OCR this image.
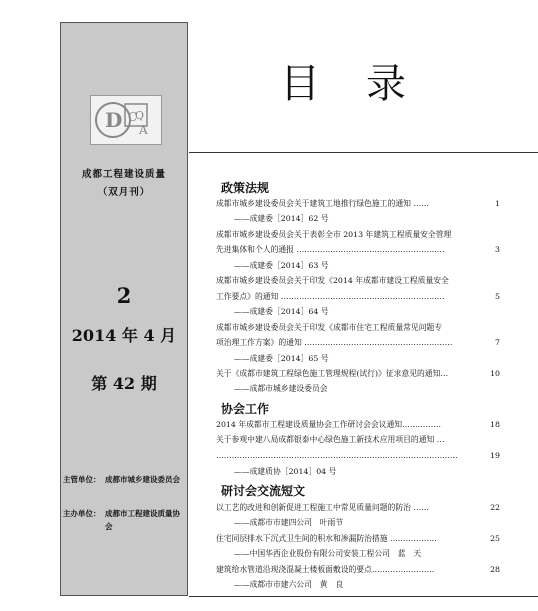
D C
Q
A
成都工程建设质量
（双月刊）
2
2014 年 4 月
第 42 期
主管单位： 成都市城乡建设委员会
主办单位： 成都市工程建设质量协会
目录
政策法规
成都市城乡建设委员会关于建筑工地推行绿色施工的通知 ……	1
——成建委［2014］62 号
成都市城乡建设委员会关于表彰全市 2013 年建筑工程质量安全管理
先进集体和个人的通报 …………………………………………………	3
——成建委［2014］63 号
成都市城乡建设委员会关于印发《2014 年成都市建设工程质量安全
工作要点》的通知 ………………………………………………………	5
——成建委［2014］64 号
成都市城乡建设委员会关于印发《成都市住宅工程质量常见问题专
项治理工作方案》的通知 …………………………………………………	7
——成建委［2014］65 号
关于《成都市建筑工程绿色施工管理规程(试行)》征求意见的通知…	10
——成都市城乡建设委员会
协会工作
2014 年成都市工程建设质量协会工作研讨会会议通知……………	18
关于参观中建八局成都银泰中心绿色施工新技术应用项目的通知 …
…………………………………………………………………………………	19
——成建质协［2014］04 号
研讨会交流短文
以工艺的改进和创新促进工程施工中常见质量问题的防治 ……	22
——成都市市建四公司　叶雨节
住宅同层排水下沉式卫生间的积水和渗漏防治措施 ………………	25
——中国华西企业股份有限公司安装工程公司　蓝　天
建筑给水管道沿现浇混凝土楼板面敷设的要点……………………	28
——成都市市建六公司　黄　良
